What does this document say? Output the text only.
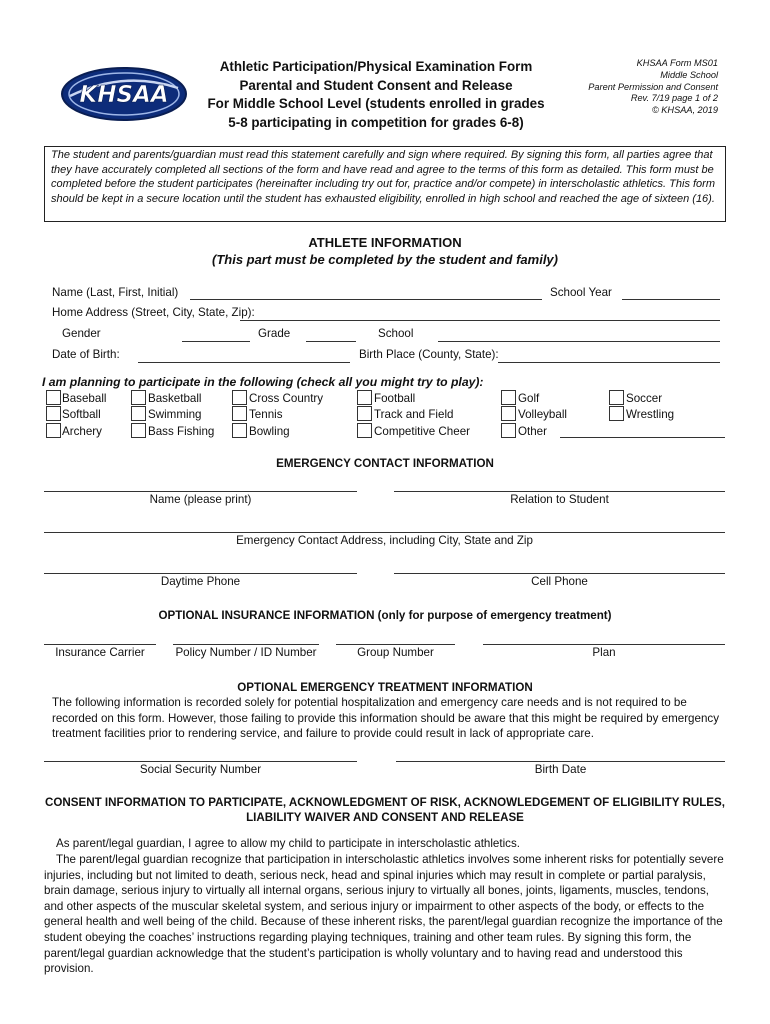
KHSAA
Athletic Participation/Physical Examination Form
Parental and Student Consent and Release
For Middle School Level (students enrolled in grades
5-8 participating in competition for grades 6-8)
KHSAA Form MS01
Middle School
Parent Permission and Consent
Rev. 7/19 page 1 of 2
© KHSAA, 2019
The student and parents/guardian must read this statement carefully and sign where required. By signing this form, all parties agree that they have accurately completed all sections of the form and have read and agree to the terms of this form as detailed. This form must be completed before the student participates (hereinafter including try out for, practice and/or compete) in interscholastic athletics. This form should be kept in a secure location until the student has exhausted eligibility, enrolled in high school and reached the age of sixteen (16).
ATHLETE INFORMATION
(This part must be completed by the student and family)
Name (Last, First, Initial)	School Year
Home Address (Street, City, State, Zip):
Gender	Grade	School
Date of Birth:	Birth Place (County, State):
I am planning to participate in the following (check all you might try to play):
Baseball	Basketball	Cross Country	Football	Golf	Soccer
Softball	Swimming	Tennis	Track and Field	Volleyball	Wrestling
Archery	Bass Fishing	Bowling	Competitive Cheer	Other
EMERGENCY CONTACT INFORMATION
Name (please print)	Relation to Student
Emergency Contact Address, including City, State and Zip
Daytime Phone	Cell Phone
OPTIONAL INSURANCE INFORMATION (only for purpose of emergency treatment)
Insurance Carrier	Policy Number / ID Number	Group Number	Plan
OPTIONAL EMERGENCY TREATMENT INFORMATION
The following information is recorded solely for potential hospitalization and emergency care needs and is not required to be recorded on this form. However, those failing to provide this information should be aware that this might be required by emergency treatment facilities prior to rendering service, and failure to provide could result in lack of appropriate care.
Social Security Number	Birth Date
CONSENT INFORMATION TO PARTICIPATE, ACKNOWLEDGMENT OF RISK, ACKNOWLEDGEMENT OF ELIGIBILITY RULES,
LIABILITY WAIVER AND CONSENT AND RELEASE
As parent/legal guardian, I agree to allow my child to participate in interscholastic athletics.
The parent/legal guardian recognize that participation in interscholastic athletics involves some inherent risks for potentially severe injuries, including but not limited to death, serious neck, head and spinal injuries which may result in complete or partial paralysis, brain damage, serious injury to virtually all internal organs, serious injury to virtually all bones, joints, ligaments, muscles, tendons, and other aspects of the muscular skeletal system, and serious injury or impairment to other aspects of the body, or effects to the general health and well being of the child. Because of these inherent risks, the parent/legal guardian recognize the importance of the student obeying the coaches’ instructions regarding playing techniques, training and other team rules. By signing this form, the parent/legal guardian acknowledge that the student’s participation is wholly voluntary and to having read and understood this provision.
